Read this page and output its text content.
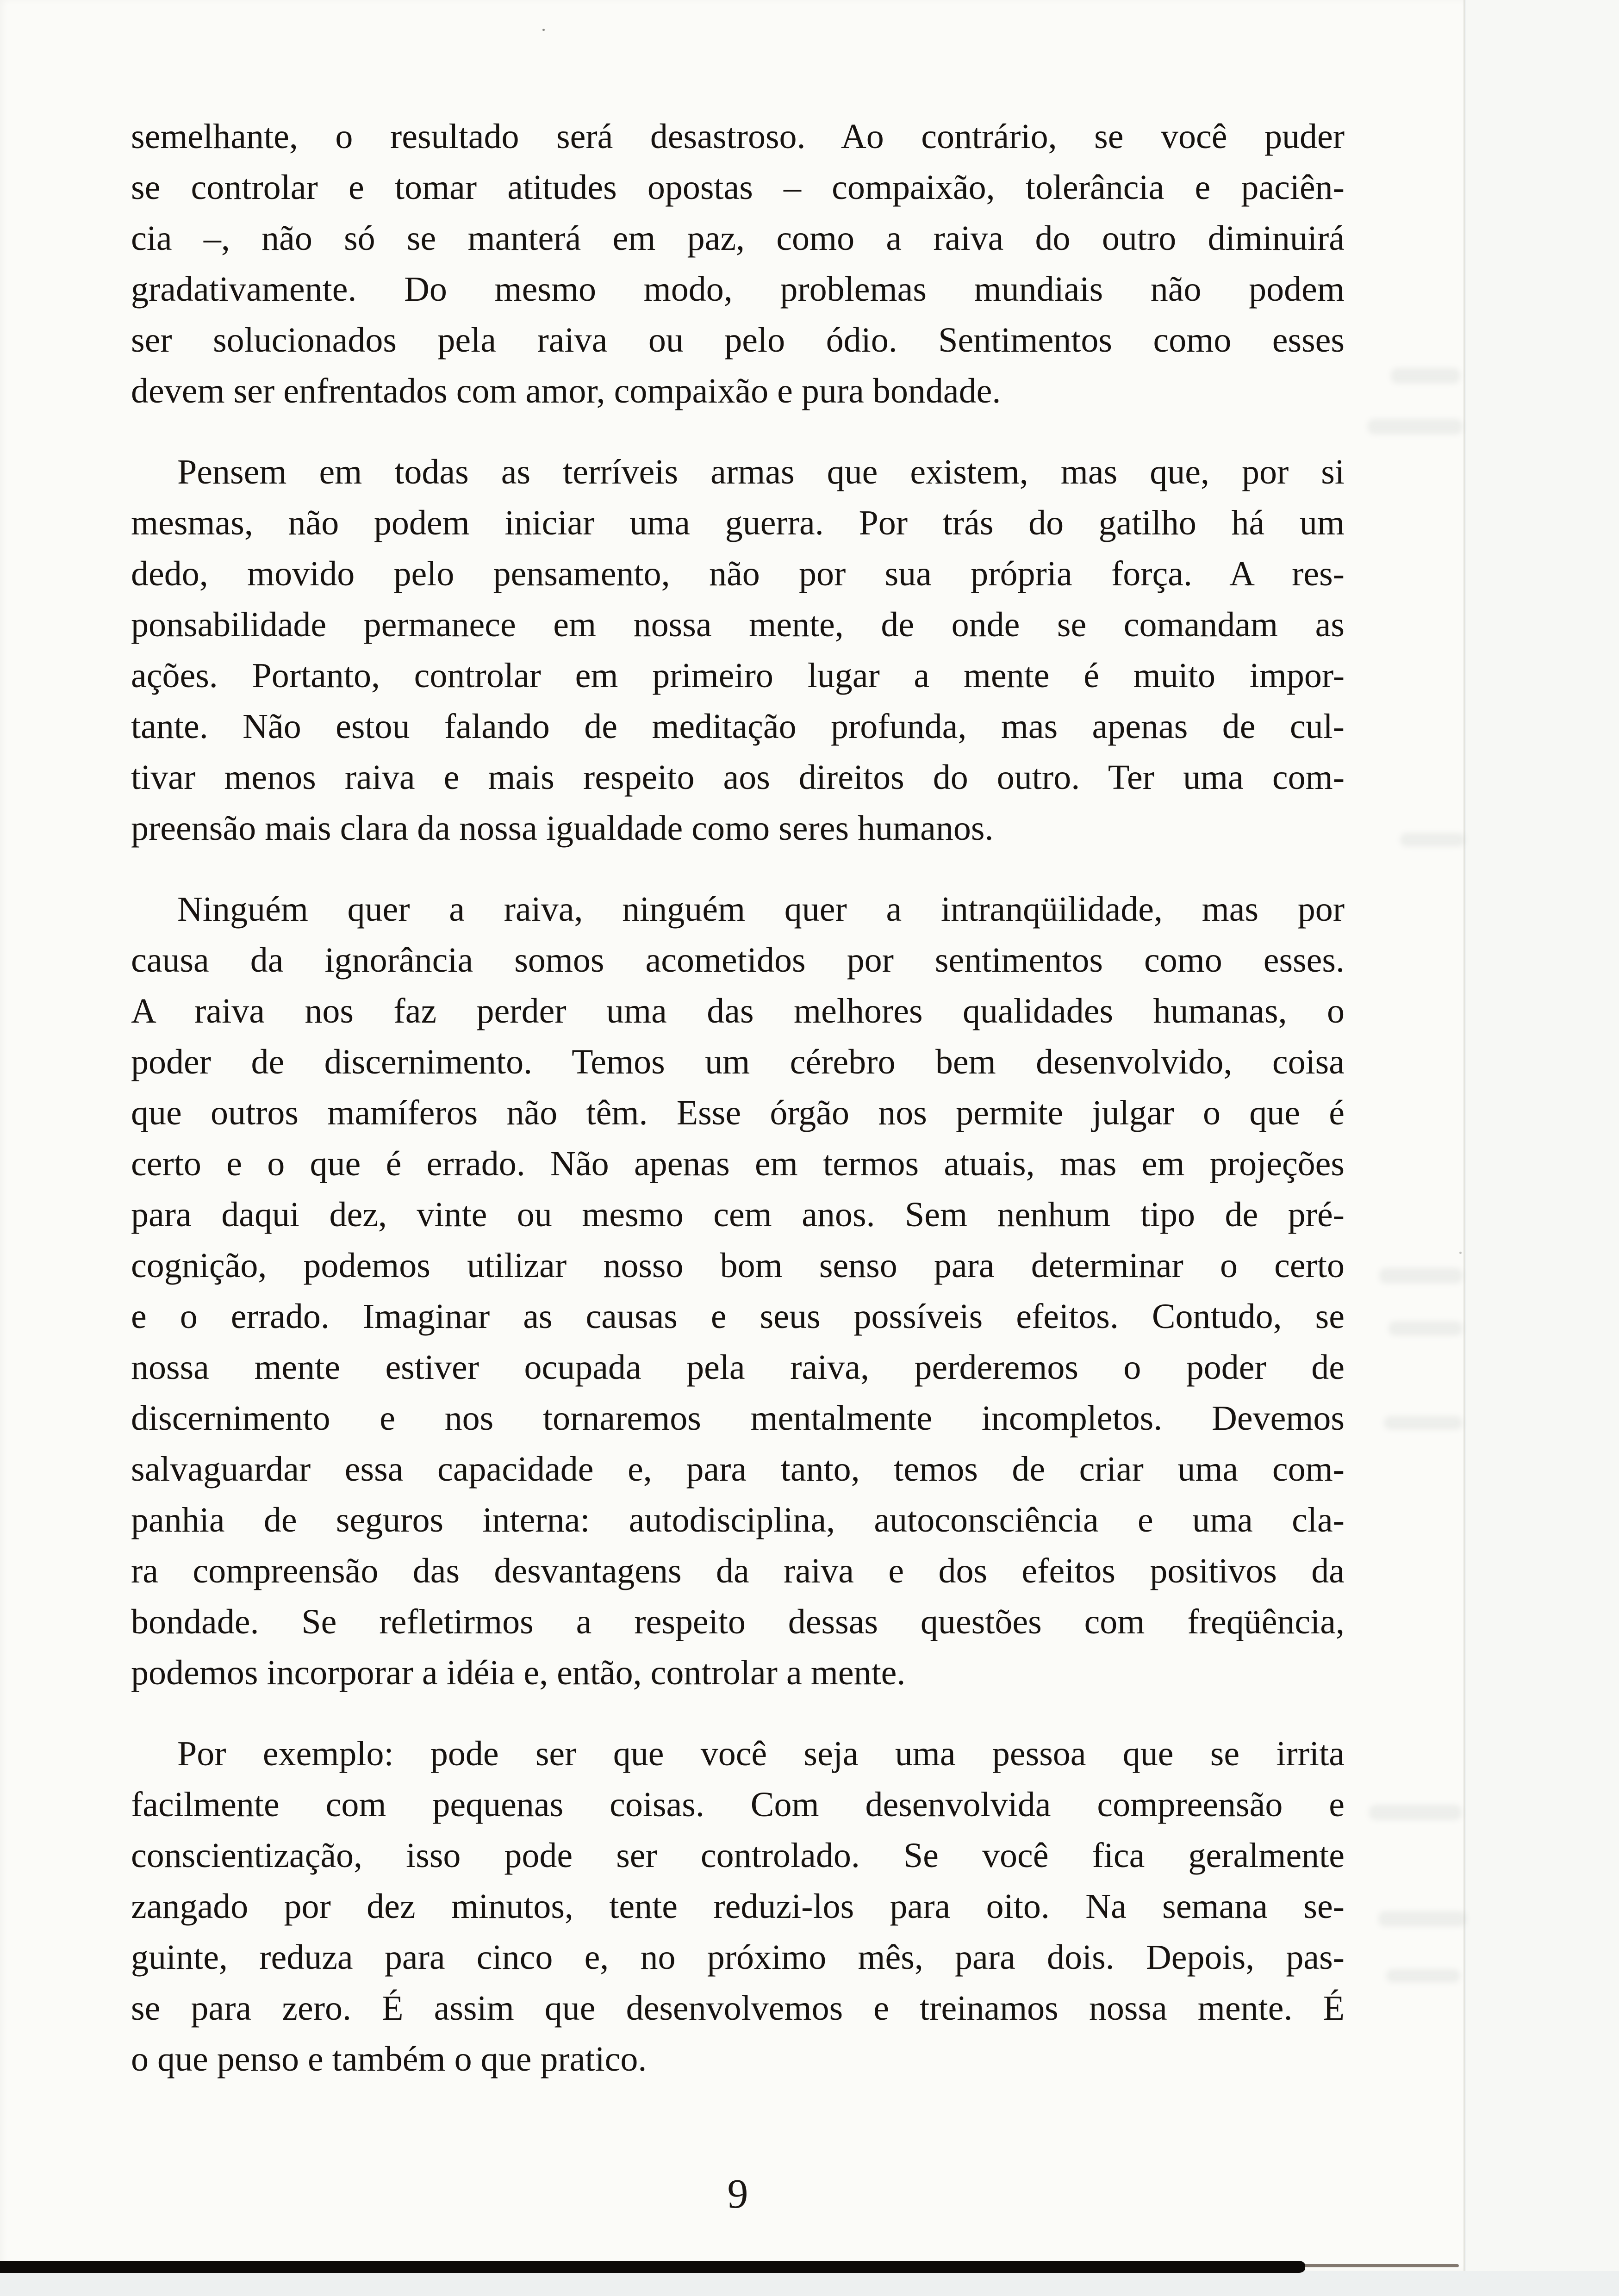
semelhante, o resultado será desastroso. Ao contrário, se você puder
se controlar e tomar atitudes opostas – compaixão, tolerância e paciên-
cia –, não só se manterá em paz, como a raiva do outro diminuirá
gradativamente. Do mesmo modo, problemas mundiais não podem
ser solucionados pela raiva ou pelo ódio. Sentimentos como esses
devem ser enfrentados com amor, compaixão e pura bondade.
Pensem em todas as terríveis armas que existem, mas que, por si
mesmas, não podem iniciar uma guerra. Por trás do gatilho há um
dedo, movido pelo pensamento, não por sua própria força. A res-
ponsabilidade permanece em nossa mente, de onde se comandam as
ações. Portanto, controlar em primeiro lugar a mente é muito impor-
tante. Não estou falando de meditação profunda, mas apenas de cul-
tivar menos raiva e mais respeito aos direitos do outro. Ter uma com-
preensão mais clara da nossa igualdade como seres humanos.
Ninguém quer a raiva, ninguém quer a intranqüilidade, mas por
causa da ignorância somos acometidos por sentimentos como esses.
A raiva nos faz perder uma das melhores qualidades humanas, o
poder de discernimento. Temos um cérebro bem desenvolvido, coisa
que outros mamíferos não têm. Esse órgão nos permite julgar o que é
certo e o que é errado. Não apenas em termos atuais, mas em projeções
para daqui dez, vinte ou mesmo cem anos. Sem nenhum tipo de pré-
cognição, podemos utilizar nosso bom senso para determinar o certo
e o errado. Imaginar as causas e seus possíveis efeitos. Contudo, se
nossa mente estiver ocupada pela raiva, perderemos o poder de
discernimento e nos tornaremos mentalmente incompletos. Devemos
salvaguardar essa capacidade e, para tanto, temos de criar uma com-
panhia de seguros interna: autodisciplina, autoconsciência e uma cla-
ra compreensão das desvantagens da raiva e dos efeitos positivos da
bondade. Se refletirmos a respeito dessas questões com freqüência,
podemos incorporar a idéia e, então, controlar a mente.
Por exemplo: pode ser que você seja uma pessoa que se irrita
facilmente com pequenas coisas. Com desenvolvida compreensão e
conscientização, isso pode ser controlado. Se você fica geralmente
zangado por dez minutos, tente reduzi-los para oito. Na semana se-
guinte, reduza para cinco e, no próximo mês, para dois. Depois, pas-
se para zero. É assim que desenvolvemos e treinamos nossa mente. É
o que penso e também o que pratico.
9
